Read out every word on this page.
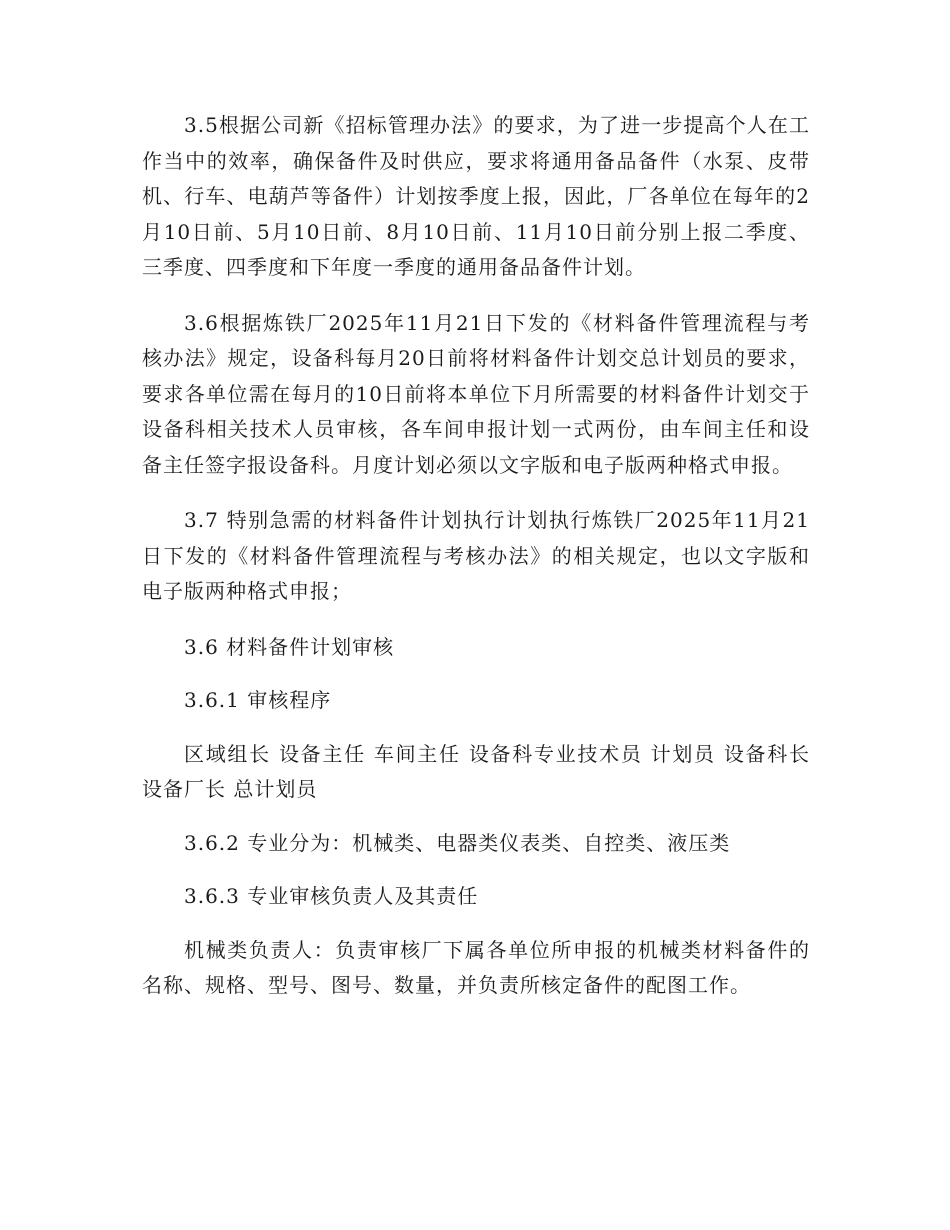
3.5根据公司新《招标管理办法》的要求，为了进一步提高个人在工作当中的效率，确保备件及时供应，要求将通用备品备件（水泵、皮带机、行车、电葫芦等备件）计划按季度上报，因此，厂各单位在每年的2月10日前、5月10日前、8月10日前、11月10日前分别上报二季度、三季度、四季度和下年度一季度的通用备品备件计划。

3.6根据炼铁厂2025年11月21日下发的《材料备件管理流程与考核办法》规定，设备科每月20日前将材料备件计划交总计划员的要求，要求各单位需在每月的10日前将本单位下月所需要的材料备件计划交于设备科相关技术人员审核，各车间申报计划一式两份，由车间主任和设备主任签字报设备科。月度计划必须以文字版和电子版两种格式申报。

3.7 特别急需的材料备件计划执行计划执行炼铁厂2025年11月21日下发的《材料备件管理流程与考核办法》的相关规定，也以文字版和电子版两种格式申报；

3.6 材料备件计划审核

3.6.1 审核程序

区域组长 设备主任 车间主任 设备科专业技术员 计划员 设备科长 设备厂长 总计划员

3.6.2 专业分为：机械类、电器类仪表类、自控类、液压类

3.6.3 专业审核负责人及其责任

机械类负责人：负责审核厂下属各单位所申报的机械类材料备件的名称、规格、型号、图号、数量，并负责所核定备件的配图工作。
